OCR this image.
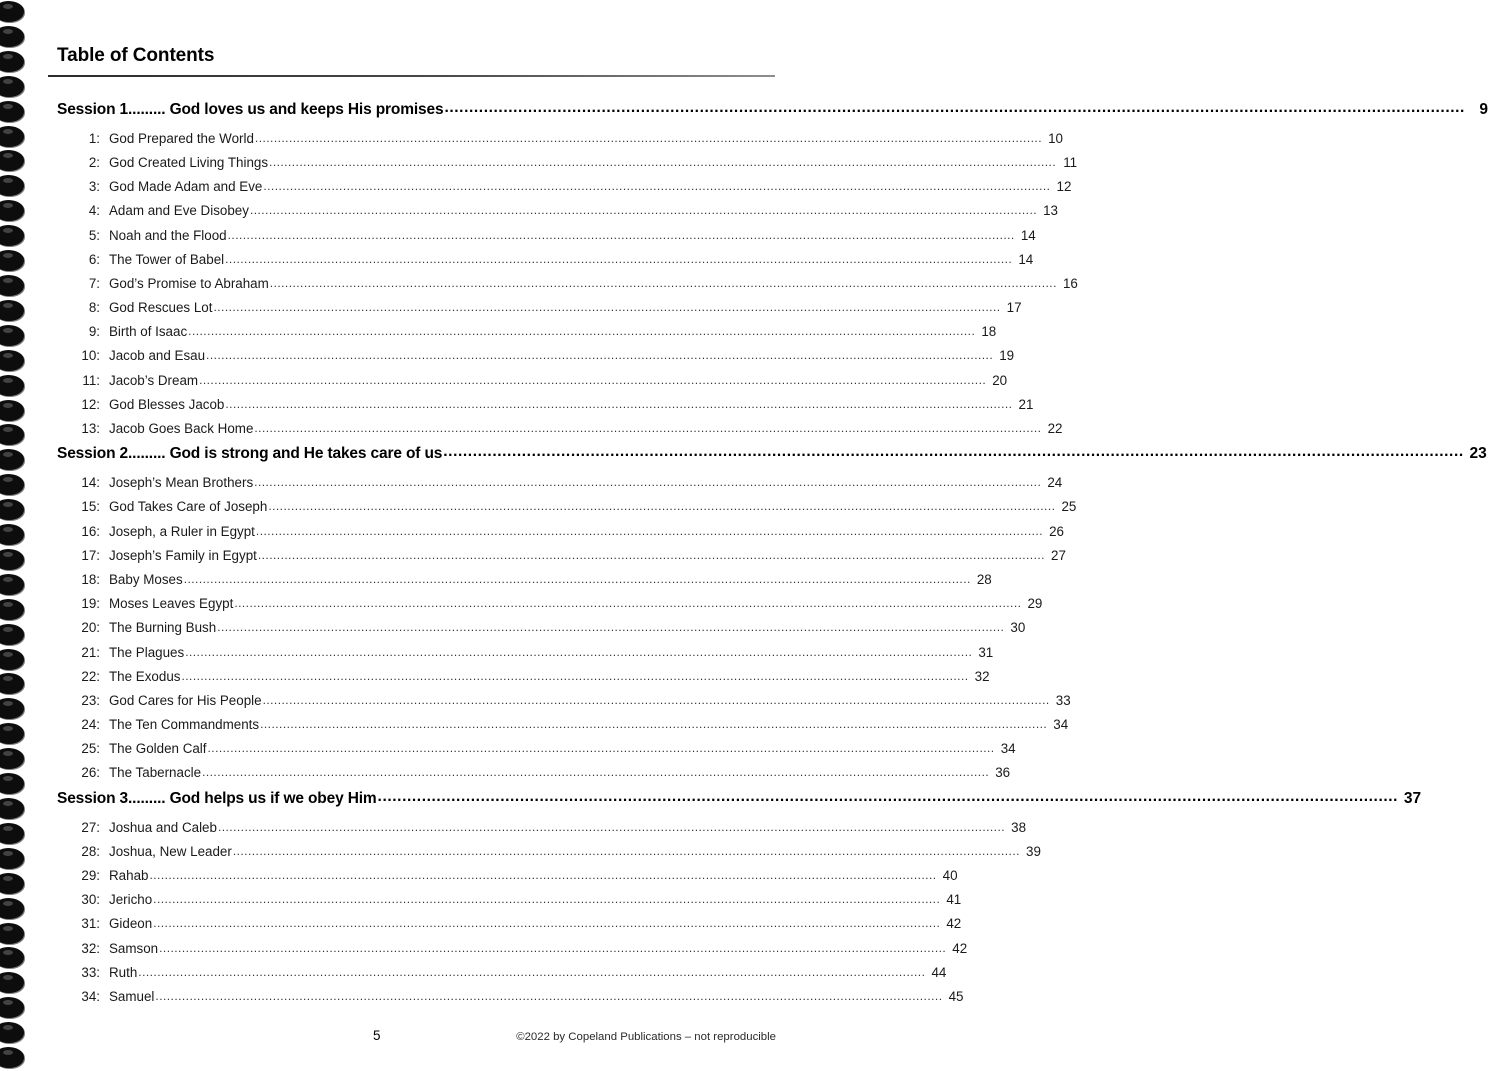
Table of Contents
Session 1......... God loves us and keeps His promises ................................................................................................................................................................................................................ 9
1: God Prepared the World ................................................................................................................................................................................................................ 10
2: God Created Living Things ................................................................................................................................................................................................................ 11
3: God Made Adam and Eve ................................................................................................................................................................................................................ 12
4: Adam and Eve Disobey ................................................................................................................................................................................................................ 13
5: Noah and the Flood ................................................................................................................................................................................................................ 14
6: The Tower of Babel ................................................................................................................................................................................................................ 14
7: God’s Promise to Abraham ................................................................................................................................................................................................................ 16
8: God Rescues Lot ................................................................................................................................................................................................................ 17
9: Birth of Isaac ................................................................................................................................................................................................................ 18
10: Jacob and Esau ................................................................................................................................................................................................................ 19
11: Jacob’s Dream ................................................................................................................................................................................................................ 20
12: God Blesses Jacob ................................................................................................................................................................................................................ 21
13: Jacob Goes Back Home ................................................................................................................................................................................................................ 22
Session 2......... God is strong and He takes care of us ................................................................................................................................................................................................................ 23
14: Joseph’s Mean Brothers ................................................................................................................................................................................................................ 24
15: God Takes Care of Joseph ................................................................................................................................................................................................................ 25
16: Joseph, a Ruler in Egypt ................................................................................................................................................................................................................ 26
17: Joseph’s Family in Egypt ................................................................................................................................................................................................................ 27
18: Baby Moses ................................................................................................................................................................................................................ 28
19: Moses Leaves Egypt ................................................................................................................................................................................................................ 29
20: The Burning Bush ................................................................................................................................................................................................................ 30
21: The Plagues ................................................................................................................................................................................................................ 31
22: The Exodus ................................................................................................................................................................................................................ 32
23: God Cares for His People ................................................................................................................................................................................................................ 33
24: The Ten Commandments ................................................................................................................................................................................................................ 34
25: The Golden Calf ................................................................................................................................................................................................................ 34
26: The Tabernacle ................................................................................................................................................................................................................ 36
Session 3......... God helps us if we obey Him ................................................................................................................................................................................................................ 37
27: Joshua and Caleb ................................................................................................................................................................................................................ 38
28: Joshua, New Leader ................................................................................................................................................................................................................ 39
29: Rahab ................................................................................................................................................................................................................ 40
30: Jericho ................................................................................................................................................................................................................ 41
31: Gideon ................................................................................................................................................................................................................ 42
32: Samson ................................................................................................................................................................................................................ 42
33: Ruth ................................................................................................................................................................................................................ 44
34: Samuel ................................................................................................................................................................................................................ 45
5	©2022 by Copeland Publications – not reproducible
